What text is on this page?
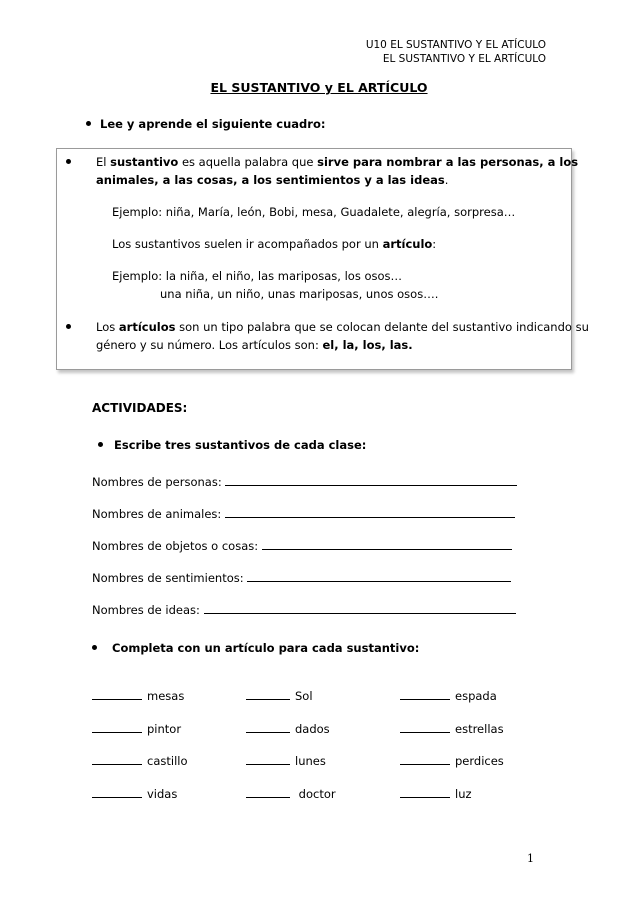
U10 EL SUSTANTIVO Y EL ATÍCULO
EL SUSTANTIVO Y EL ARTÍCULO
EL SUSTANTIVO y EL ARTÍCULO
Lee y aprende el siguiente cuadro:
El sustantivo es aquella palabra que sirve para nombrar a las personas, a los
animales, a las cosas, a los sentimientos y a las ideas.
Ejemplo: niña, María, león, Bobi, mesa, Guadalete, alegría, sorpresa…
Los sustantivos suelen ir acompañados por un artículo:
Ejemplo: la niña, el niño, las mariposas, los osos…
una niña, un niño, unas mariposas, unos osos….
Los artículos son un tipo palabra que se colocan delante del sustantivo indicando su
género y su número. Los artículos son: el, la, los, las.
ACTIVIDADES:
Escribe tres sustantivos de cada clase:
Nombres de personas:
Nombres de animales:
Nombres de objetos o cosas:
Nombres de sentimientos:
Nombres de ideas:
Completa con un artículo para cada sustantivo:
mesas	Sol	espada
pintor	dados	estrellas
castillo	lunes	perdices
vidas	doctor	luz
1
